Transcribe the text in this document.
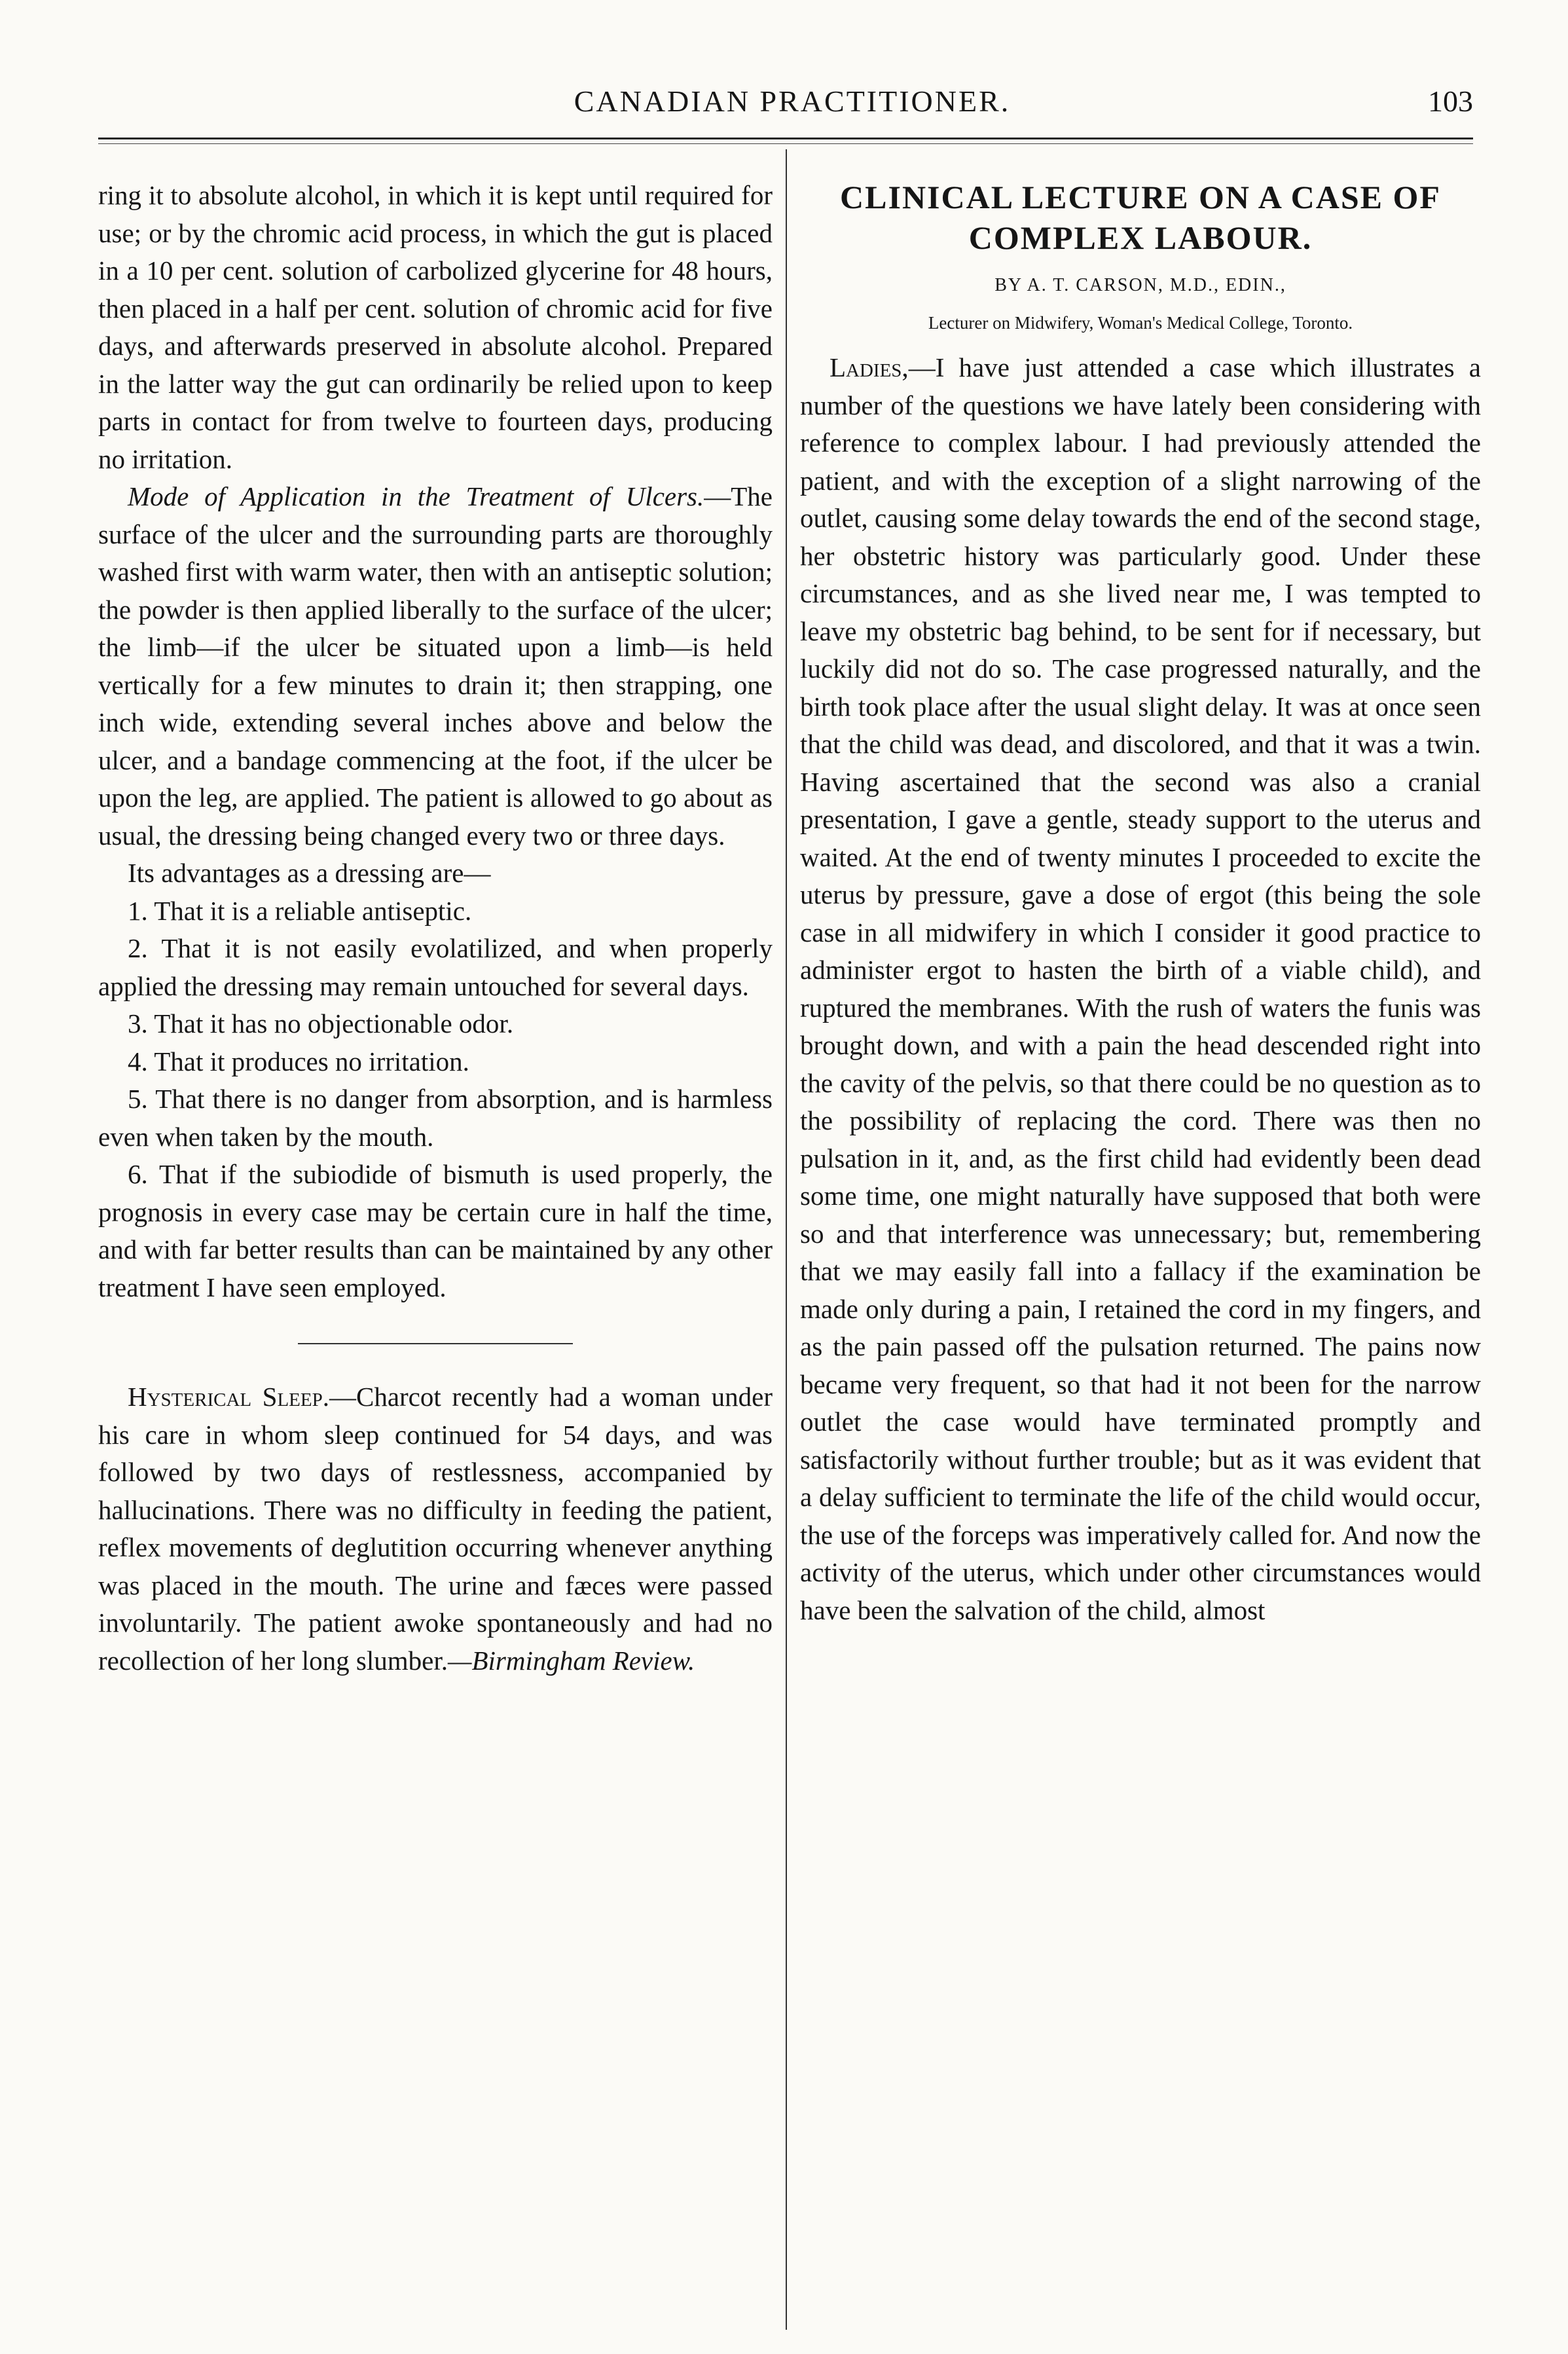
CANADIAN PRACTITIONER.	103

ring it to absolute alcohol, in which it is kept until required for use; or by the chromic acid process, in which the gut is placed in a 10 per cent. solution of carbolized glycerine for 48 hours, then placed in a half per cent. solution of chromic acid for five days, and afterwards preserved in absolute alcohol. Prepared in the latter way the gut can ordinarily be relied upon to keep parts in contact for from twelve to fourteen days, producing no irritation.

Mode of Application in the Treatment of Ulcers.—The surface of the ulcer and the surrounding parts are thoroughly washed first with warm water, then with an antiseptic solution; the powder is then applied liberally to the surface of the ulcer; the limb—if the ulcer be situated upon a limb—is held vertically for a few minutes to drain it; then strapping, one inch wide, extending several inches above and below the ulcer, and a bandage commencing at the foot, if the ulcer be upon the leg, are applied. The patient is allowed to go about as usual, the dressing being changed every two or three days.

Its advantages as a dressing are—

1. That it is a reliable antiseptic.

2. That it is not easily evolatilized, and when properly applied the dressing may remain untouched for several days.

3. That it has no objectionable odor.

4. That it produces no irritation.

5. That there is no danger from absorption, and is harmless even when taken by the mouth.

6. That if the subiodide of bismuth is used properly, the prognosis in every case may be certain cure in half the time, and with far better results than can be maintained by any other treatment I have seen employed.

Hysterical Sleep.—Charcot recently had a woman under his care in whom sleep continued for 54 days, and was followed by two days of restlessness, accompanied by hallucinations. There was no difficulty in feeding the patient, reflex movements of deglutition occurring whenever anything was placed in the mouth. The urine and fæces were passed involuntarily. The patient awoke spontaneously and had no recollection of her long slumber.—Birmingham Review.

CLINICAL LECTURE ON A CASE OF COMPLEX LABOUR.
BY A. T. CARSON, M.D., EDIN.,
Lecturer on Midwifery, Woman's Medical College, Toronto.

Ladies,—I have just attended a case which illustrates a number of the questions we have lately been considering with reference to complex labour. I had previously attended the patient, and with the exception of a slight narrowing of the outlet, causing some delay towards the end of the second stage, her obstetric history was particularly good. Under these circumstances, and as she lived near me, I was tempted to leave my obstetric bag behind, to be sent for if necessary, but luckily did not do so. The case progressed naturally, and the birth took place after the usual slight delay. It was at once seen that the child was dead, and discolored, and that it was a twin. Having ascertained that the second was also a cranial presentation, I gave a gentle, steady support to the uterus and waited. At the end of twenty minutes I proceeded to excite the uterus by pressure, gave a dose of ergot (this being the sole case in all midwifery in which I consider it good practice to administer ergot to hasten the birth of a viable child), and ruptured the membranes. With the rush of waters the funis was brought down, and with a pain the head descended right into the cavity of the pelvis, so that there could be no question as to the possibility of replacing the cord. There was then no pulsation in it, and, as the first child had evidently been dead some time, one might naturally have supposed that both were so and that interference was unnecessary; but, remembering that we may easily fall into a fallacy if the examination be made only during a pain, I retained the cord in my fingers, and as the pain passed off the pulsation returned. The pains now became very frequent, so that had it not been for the narrow outlet the case would have terminated promptly and satisfactorily without further trouble; but as it was evident that a delay sufficient to terminate the life of the child would occur, the use of the forceps was imperatively called for. And now the activity of the uterus, which under other circumstances would have been the salvation of the child, almost
